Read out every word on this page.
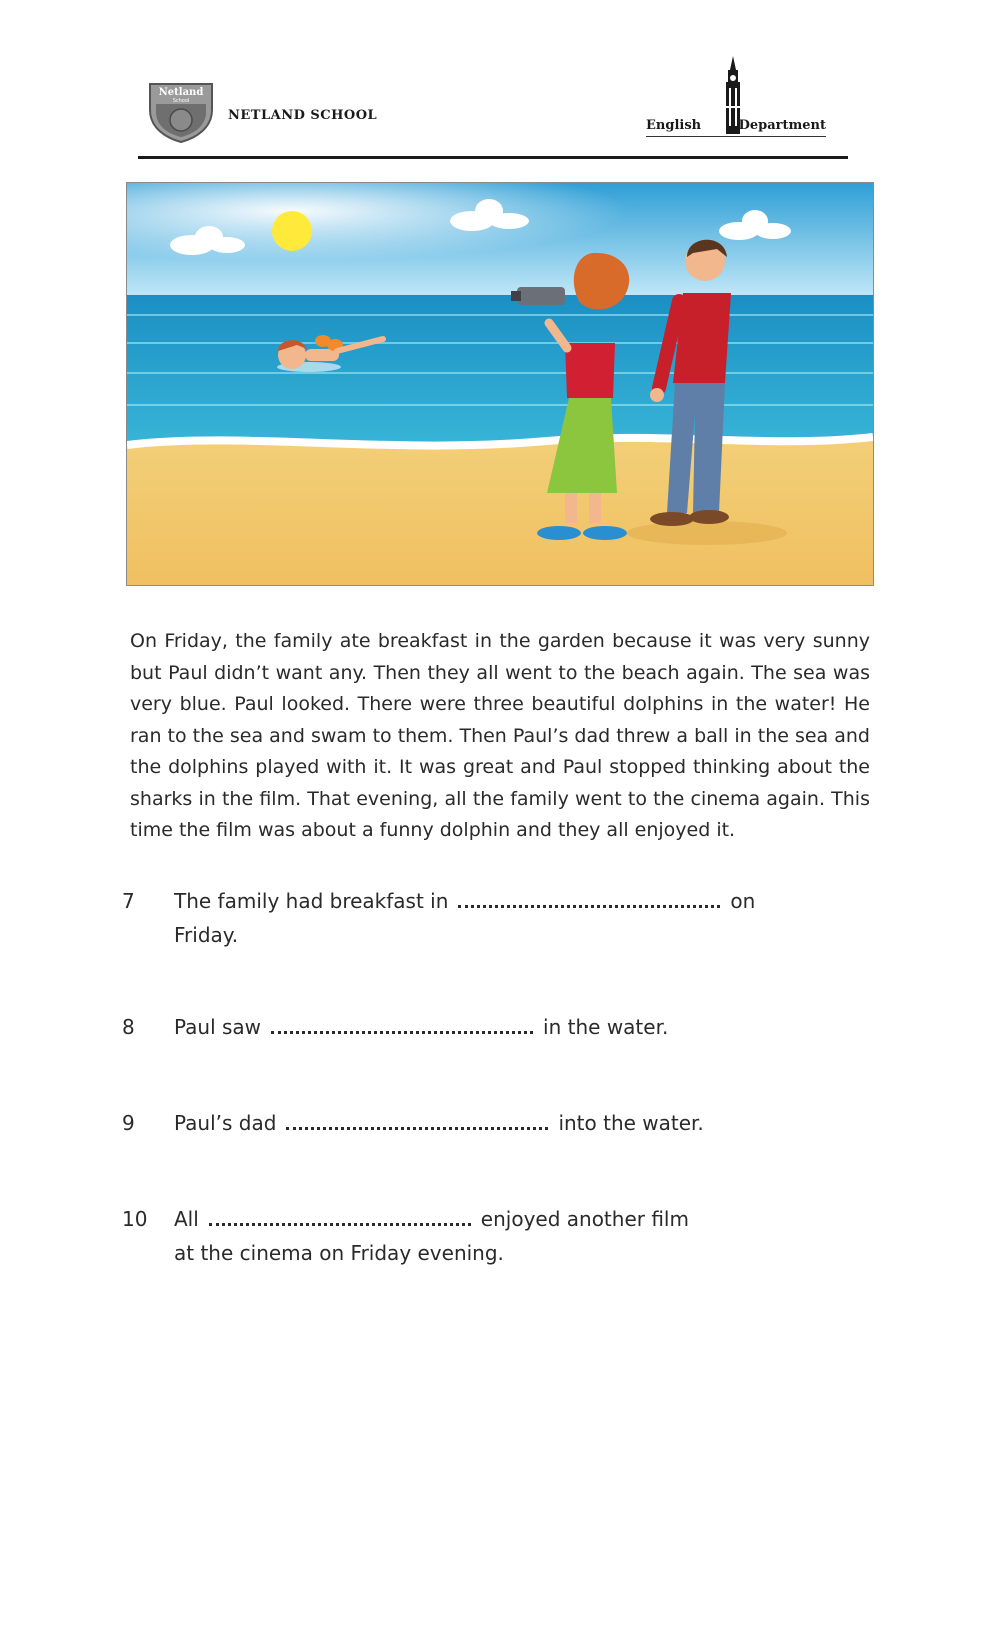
Netland
School
NETLAND SCHOOL
English	Department

On Friday, the family ate breakfast in the garden because it was very sunny but Paul didn’t want any. Then they all went to the beach again. The sea was very blue. Paul looked. There were three beautiful dolphins in the water! He ran to the sea and swam to them. Then Paul’s dad threw a ball in the sea and the dolphins played with it. It was great and Paul stopped thinking about the sharks in the film. That evening, all the family went to the cinema again. This time the film was about a funny dolphin and they all enjoyed it.

7	The family had breakfast in	on
Friday.
8	Paul saw	in the water.
9	Paul’s dad	into the water.
10	All	enjoyed another film
at the cinema on Friday evening.
